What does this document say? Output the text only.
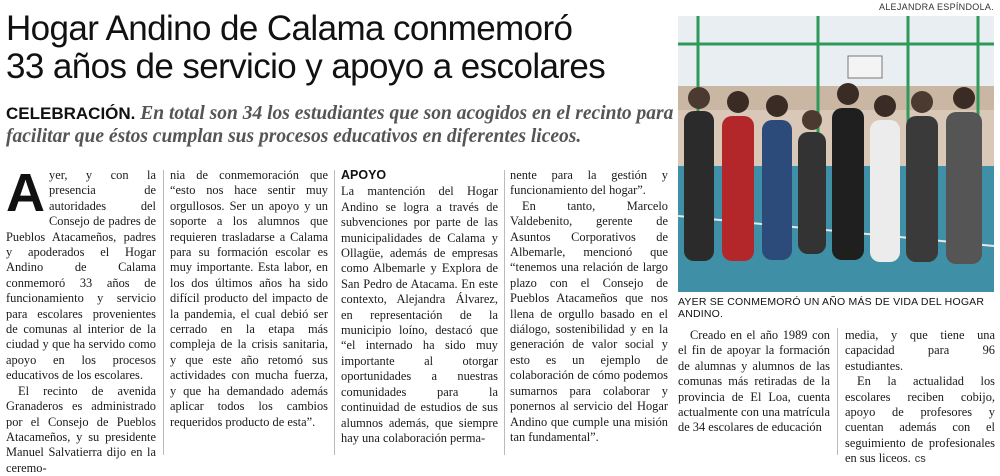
ALEJANDRA ESPÍNDOLA.
Hogar Andino de Calama conmemoró
33 años de servicio y apoyo a escolares
CELEBRACIÓN. En total son 34 los estudiantes que son acogidos en el recinto para facilitar que éstos cumplan sus procesos educativos en diferentes liceos.

Ayer, y con la presencia de autoridades del Consejo de padres de Pueblos Atacameños, padres y apoderados el Hogar Andino de Calama conmemoró 33 años de funcionamiento y servicio para escolares provenientes de comunas al interior de la ciudad y que ha servido como apoyo en los procesos educativos de los escolares.

El recinto de avenida Granaderos es administrado por el Consejo de Pueblos Atacameños, y su presidente Manuel Salvatierra dijo en la ceremo-

nia de conmemoración que “esto nos hace sentir muy orgullosos. Ser un apoyo y un soporte a los alumnos que requieren trasladarse a Calama para su formación escolar es muy importante. Esta labor, en los dos últimos años ha sido difícil producto del impacto de la pandemia, el cual debió ser cerrado en la etapa más compleja de la crisis sanitaria, y que este año retomó sus actividades con mucha fuerza, y que ha demandado además aplicar todos los cambios requeridos producto de esta”.

APOYO

La mantención del Hogar Andino se logra a través de subvenciones por parte de las municipalidades de Calama y Ollagüe, además de empresas como Albemarle y Explora de San Pedro de Atacama. En este contexto, Alejandra Álvarez, en representación de la municipio loíno, destacó que “el internado ha sido muy importante al otorgar oportunidades a nuestras comunidades para la continuidad de estudios de sus alumnos además, que siempre hay una colaboración perma-

nente para la gestión y funcionamiento del hogar”.

En tanto, Marcelo Valdebenito, gerente de Asuntos Corporativos de Albemarle, mencionó que “tenemos una relación de largo plazo con el Consejo de Pueblos Atacameños que nos llena de orgullo basado en el diálogo, sostenibilidad y en la generación de valor social y esto es un ejemplo de colaboración de cómo podemos sumarnos para colaborar y ponernos al servicio del Hogar Andino que cumple una misión tan fundamental”.

AYER SE CONMEMORÓ UN AÑO MÁS DE VIDA DEL HOGAR ANDINO.

Creado en el año 1989 con el fin de apoyar la formación de alumnas y alumnos de las comunas más retiradas de la provincia de El Loa, cuenta actualmente con una matrícula de 34 escolares de educación

media, y que tiene una capacidad para 96 estudiantes.

En la actualidad los escolares reciben cobijo, apoyo de profesores y cuentan además con el seguimiento de profesionales en sus liceos. cs
